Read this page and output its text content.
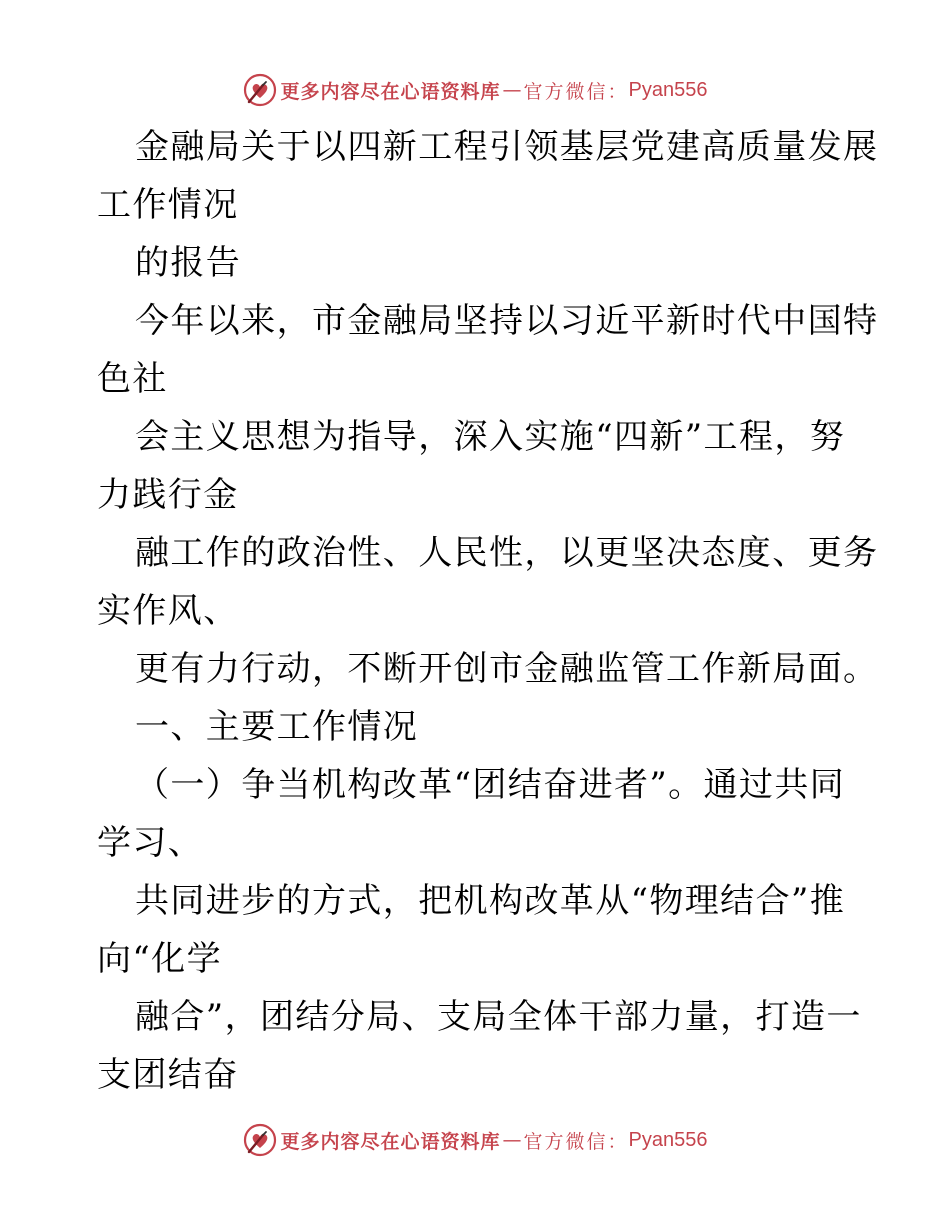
更多内容尽在心语资料库 — 官方微信： Pyan556
金融局关于以四新工程引领基层党建高质量发展
工作情况
的报告
今年以来，市金融局坚持以习近平新时代中国特
色社
会主义思想为指导，深入实施“四新”工程，努
力践行金
融工作的政治性、人民性，以更坚决态度、更务
实作风、
更有力行动，不断开创市金融监管工作新局面。
一、主要工作情况
（一）争当机构改革“团结奋进者”。通过共同
学习、
共同进步的方式，把机构改革从“物理结合”推
向“化学
融合”，团结分局、支局全体干部力量，打造一
支团结奋
更多内容尽在心语资料库 — 官方微信： Pyan556
